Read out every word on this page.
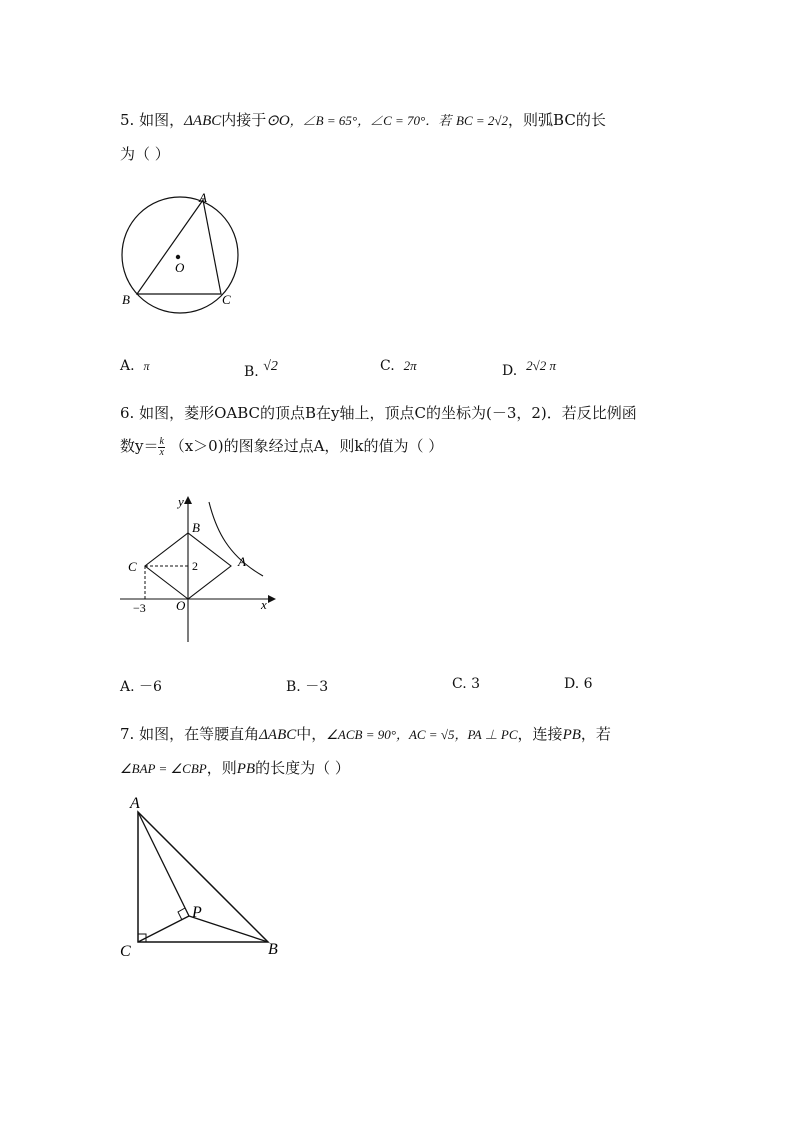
5. 如图，ΔABC内接于⊙O，∠B = 65°，∠C = 70°．若 BC = 2√2，则弧BC的长
为（ ）
A
O
B	C
A. π	B. √2	C. 2π	D. 2√2 π
6. 如图，菱形OABC的顶点B在y轴上，顶点C的坐标为(－3，2)．若反比例函
数$y= \frac{k}{x} (x>0)$的图象经过点A，则k的值为（ ）
y
x
B
C	A
2
O
−3
A. －6	B. －3	C. 3	D. 6
7. 如图，在等腰直角ΔABC中，∠ACB = 90°，AC = √5，PA ⊥ PC，连接PB，若
∠BAP = ∠CBP，则PB的长度为（ ）
A
P
C	B
